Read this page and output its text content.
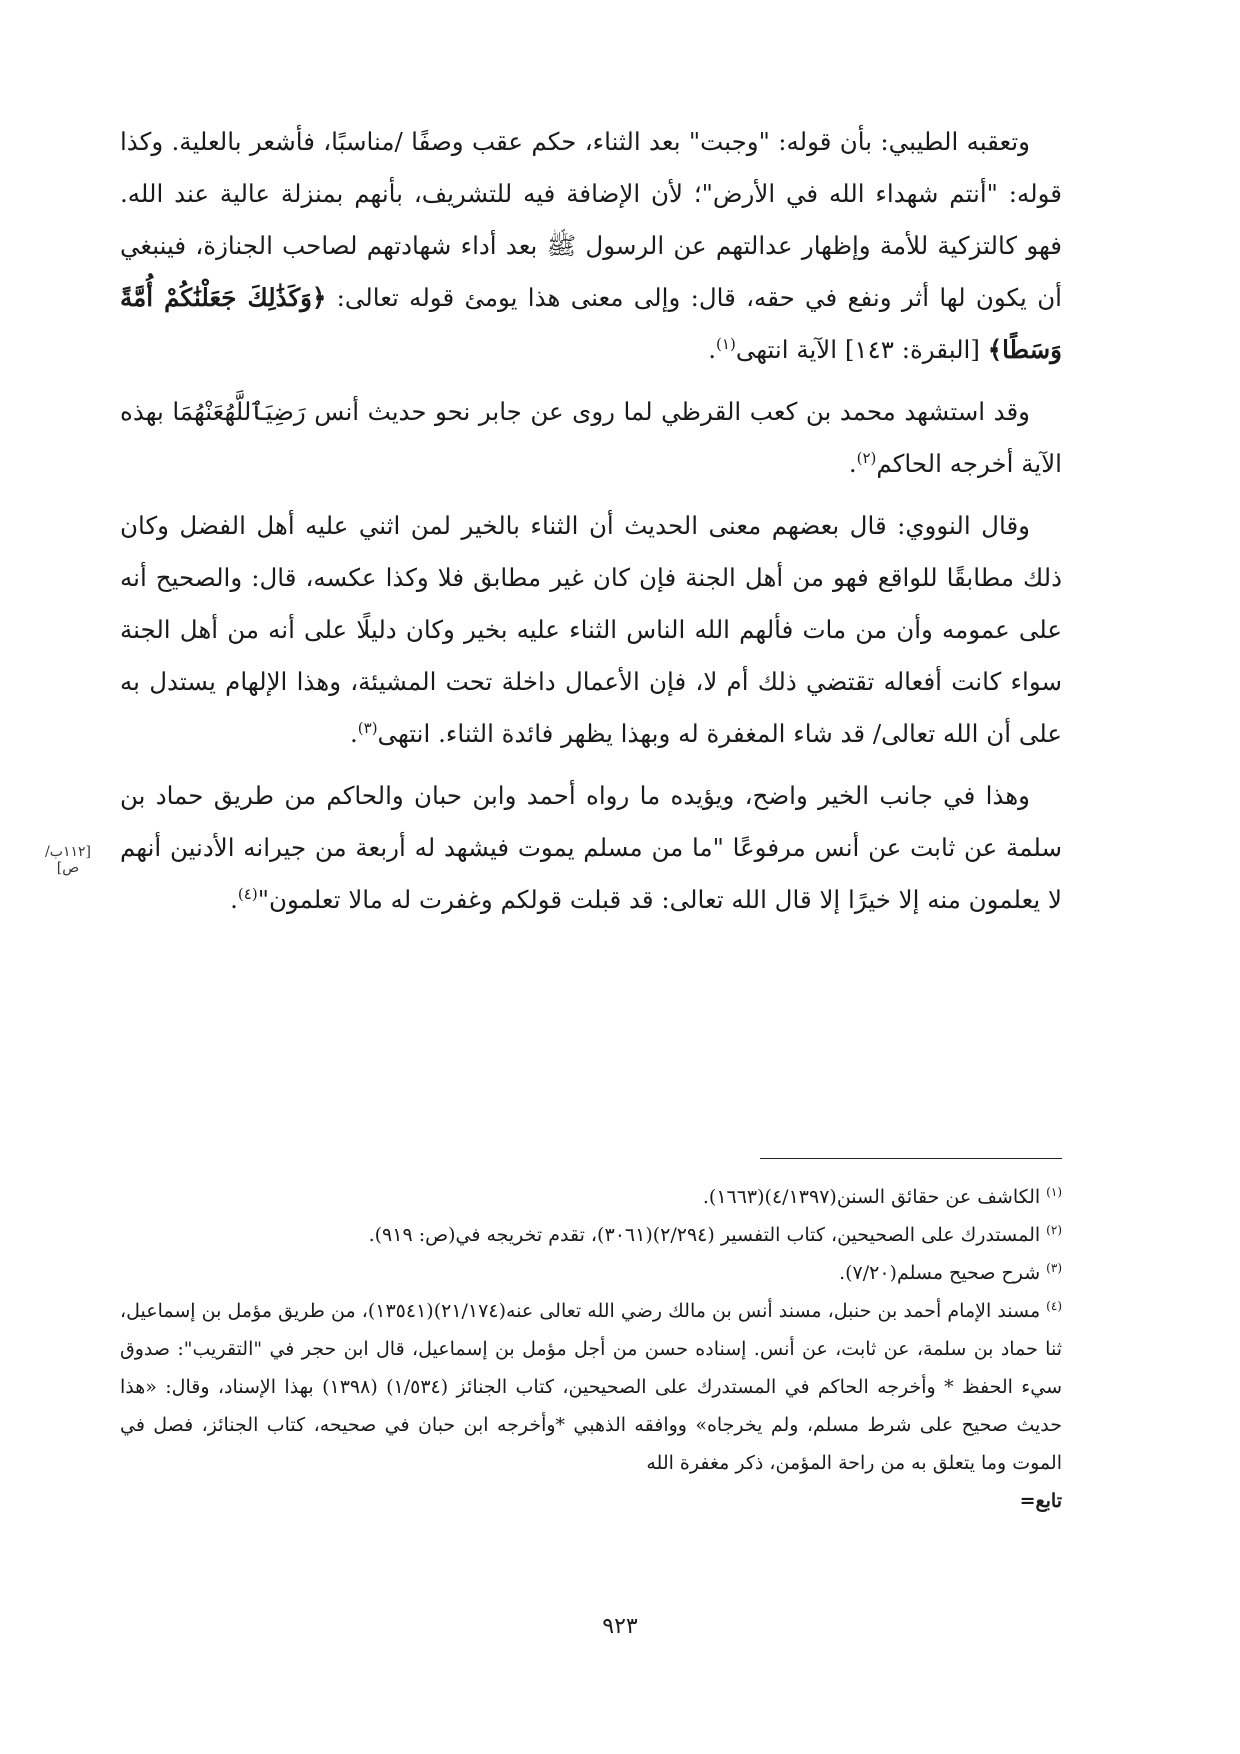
وتعقبه الطيبي: بأن قوله: "وجبت" بعد الثناء، حكم عقب وصفًا /مناسبًا، فأشعر بالعلية. وكذا قوله: "أنتم شهداء الله في الأرض"؛ لأن الإضافة فيه للتشريف، بأنهم بمنزلة عالية عند الله. فهو كالتزكية للأمة وإظهار عدالتهم عن الرسول ﷺ بعد أداء شهادتهم لصاحب الجنازة، فينبغي أن يكون لها أثر ونفع في حقه، قال: وإلى معنى هذا يومئ قوله تعالى: ﴿وَكَذَٰلِكَ جَعَلْنَٰكُمْ أُمَّةً وَسَطًا﴾ [البقرة: ١٤٣] الآية انتهى$^{(١)}$.

وقد استشهد محمد بن كعب القرظي لما روى عن جابر نحو حديث أنس رَضِيَٱللَّهُعَنْهُمَا بهذه الآية أخرجه الحاكم$^{(٢)}$.

وقال النووي: قال بعضهم معنى الحديث أن الثناء بالخير لمن اثني عليه أهل الفضل وكان ذلك مطابقًا للواقع فهو من أهل الجنة فإن كان غير مطابق فلا وكذا عكسه، قال: والصحيح أنه على عمومه وأن من مات فألهم الله الناس الثناء عليه بخير وكان دليلًا على أنه من أهل الجنة سواء كانت أفعاله تقتضي ذلك أم لا، فإن الأعمال داخلة تحت المشيئة، وهذا الإلهام يستدل به على أن الله تعالى/ قد شاء المغفرة له وبهذا يظهر فائدة الثناء. انتهى$^{(٣)}$.

وهذا في جانب الخير واضح، ويؤيده ما رواه أحمد وابن حبان والحاكم من طريق حماد بن سلمة عن ثابت عن أنس مرفوعًا "ما من مسلم يموت فيشهد له أربعة من جيرانه الأدنين أنهم لا يعلمون منه إلا خيرًا إلا قال الله تعالى: قد قبلت قولكم وغفرت له مالا تعلمون"$^{(٤)}$.

[١١٢ب/ص]

$^{(١)}$الكاشف عن حقائق السنن(٤/١٣٩٧)(١٦٦٣).

$^{(٢)}$المستدرك على الصحيحين، كتاب التفسير (٢/٢٩٤)(٣٠٦١)، تقدم تخريجه في(ص: ٩١٩).

$^{(٣)}$شرح صحيح مسلم(٧/٢٠).

$^{(٤)}$مسند الإمام أحمد بن حنبل، مسند أنس بن مالك رضي الله تعالى عنه(٢١/١٧٤)(١٣٥٤١)، من طريق مؤمل بن إسماعيل، ثنا حماد بن سلمة، عن ثابت، عن أنس. إسناده حسن من أجل مؤمل بن إسماعيل، قال ابن حجر في "التقريب": صدوق سيء الحفظ * وأخرجه الحاكم في المستدرك على الصحيحين، كتاب الجنائز (١/٥٣٤) (١٣٩٨) بهذا الإسناد، وقال: «هذا حديث صحيح على شرط مسلم، ولم يخرجاه» ووافقه الذهبي *وأخرجه ابن حبان في صحيحه، كتاب الجنائز، فصل في الموت وما يتعلق به من راحة المؤمن، ذكر مغفرة الله

تابع=

٩٢٣
